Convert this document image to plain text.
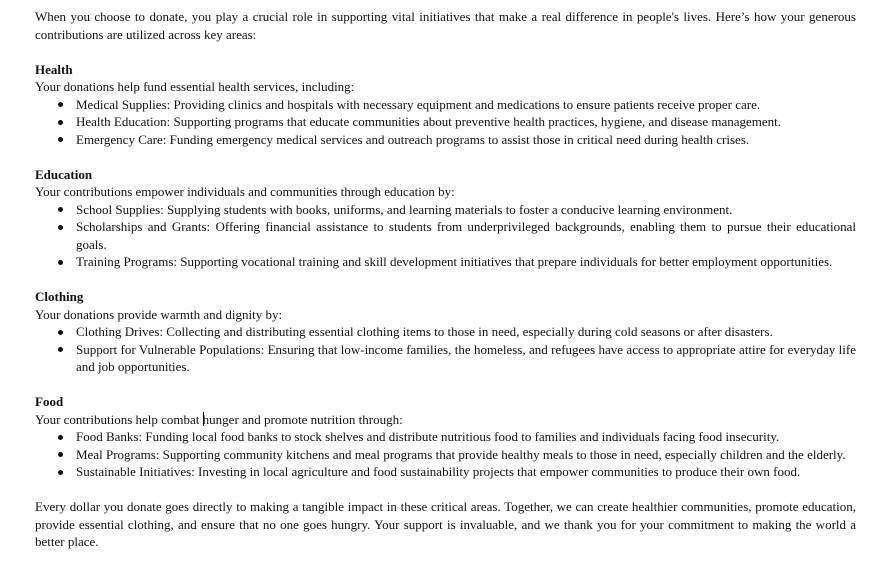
When you choose to donate, you play a crucial role in supporting vital initiatives that make a real difference in people's lives. Here’s how your generous contributions are utilized across key areas:

Health

Your donations help fund essential health services, including:

Medical Supplies: Providing clinics and hospitals with necessary equipment and medications to ensure patients receive proper care.
Health Education: Supporting programs that educate communities about preventive health practices, hygiene, and disease management.
Emergency Care: Funding emergency medical services and outreach programs to assist those in critical need during health crises.

Education

Your contributions empower individuals and communities through education by:

School Supplies: Supplying students with books, uniforms, and learning materials to foster a conducive learning environment.
Scholarships and Grants: Offering financial assistance to students from underprivileged backgrounds, enabling them to pursue their educational goals.
Training Programs: Supporting vocational training and skill development initiatives that prepare individuals for better employment opportunities.

Clothing

Your donations provide warmth and dignity by:

Clothing Drives: Collecting and distributing essential clothing items to those in need, especially during cold seasons or after disasters.
Support for Vulnerable Populations: Ensuring that low-income families, the homeless, and refugees have access to appropriate attire for everyday life and job opportunities.

Food

Your contributions help combat hunger and promote nutrition through:

Food Banks: Funding local food banks to stock shelves and distribute nutritious food to families and individuals facing food insecurity.
Meal Programs: Supporting community kitchens and meal programs that provide healthy meals to those in need, especially children and the elderly.
Sustainable Initiatives: Investing in local agriculture and food sustainability projects that empower communities to produce their own food.

Every dollar you donate goes directly to making a tangible impact in these critical areas. Together, we can create healthier communities, promote education, provide essential clothing, and ensure that no one goes hungry. Your support is invaluable, and we thank you for your commitment to making the world a better place.
